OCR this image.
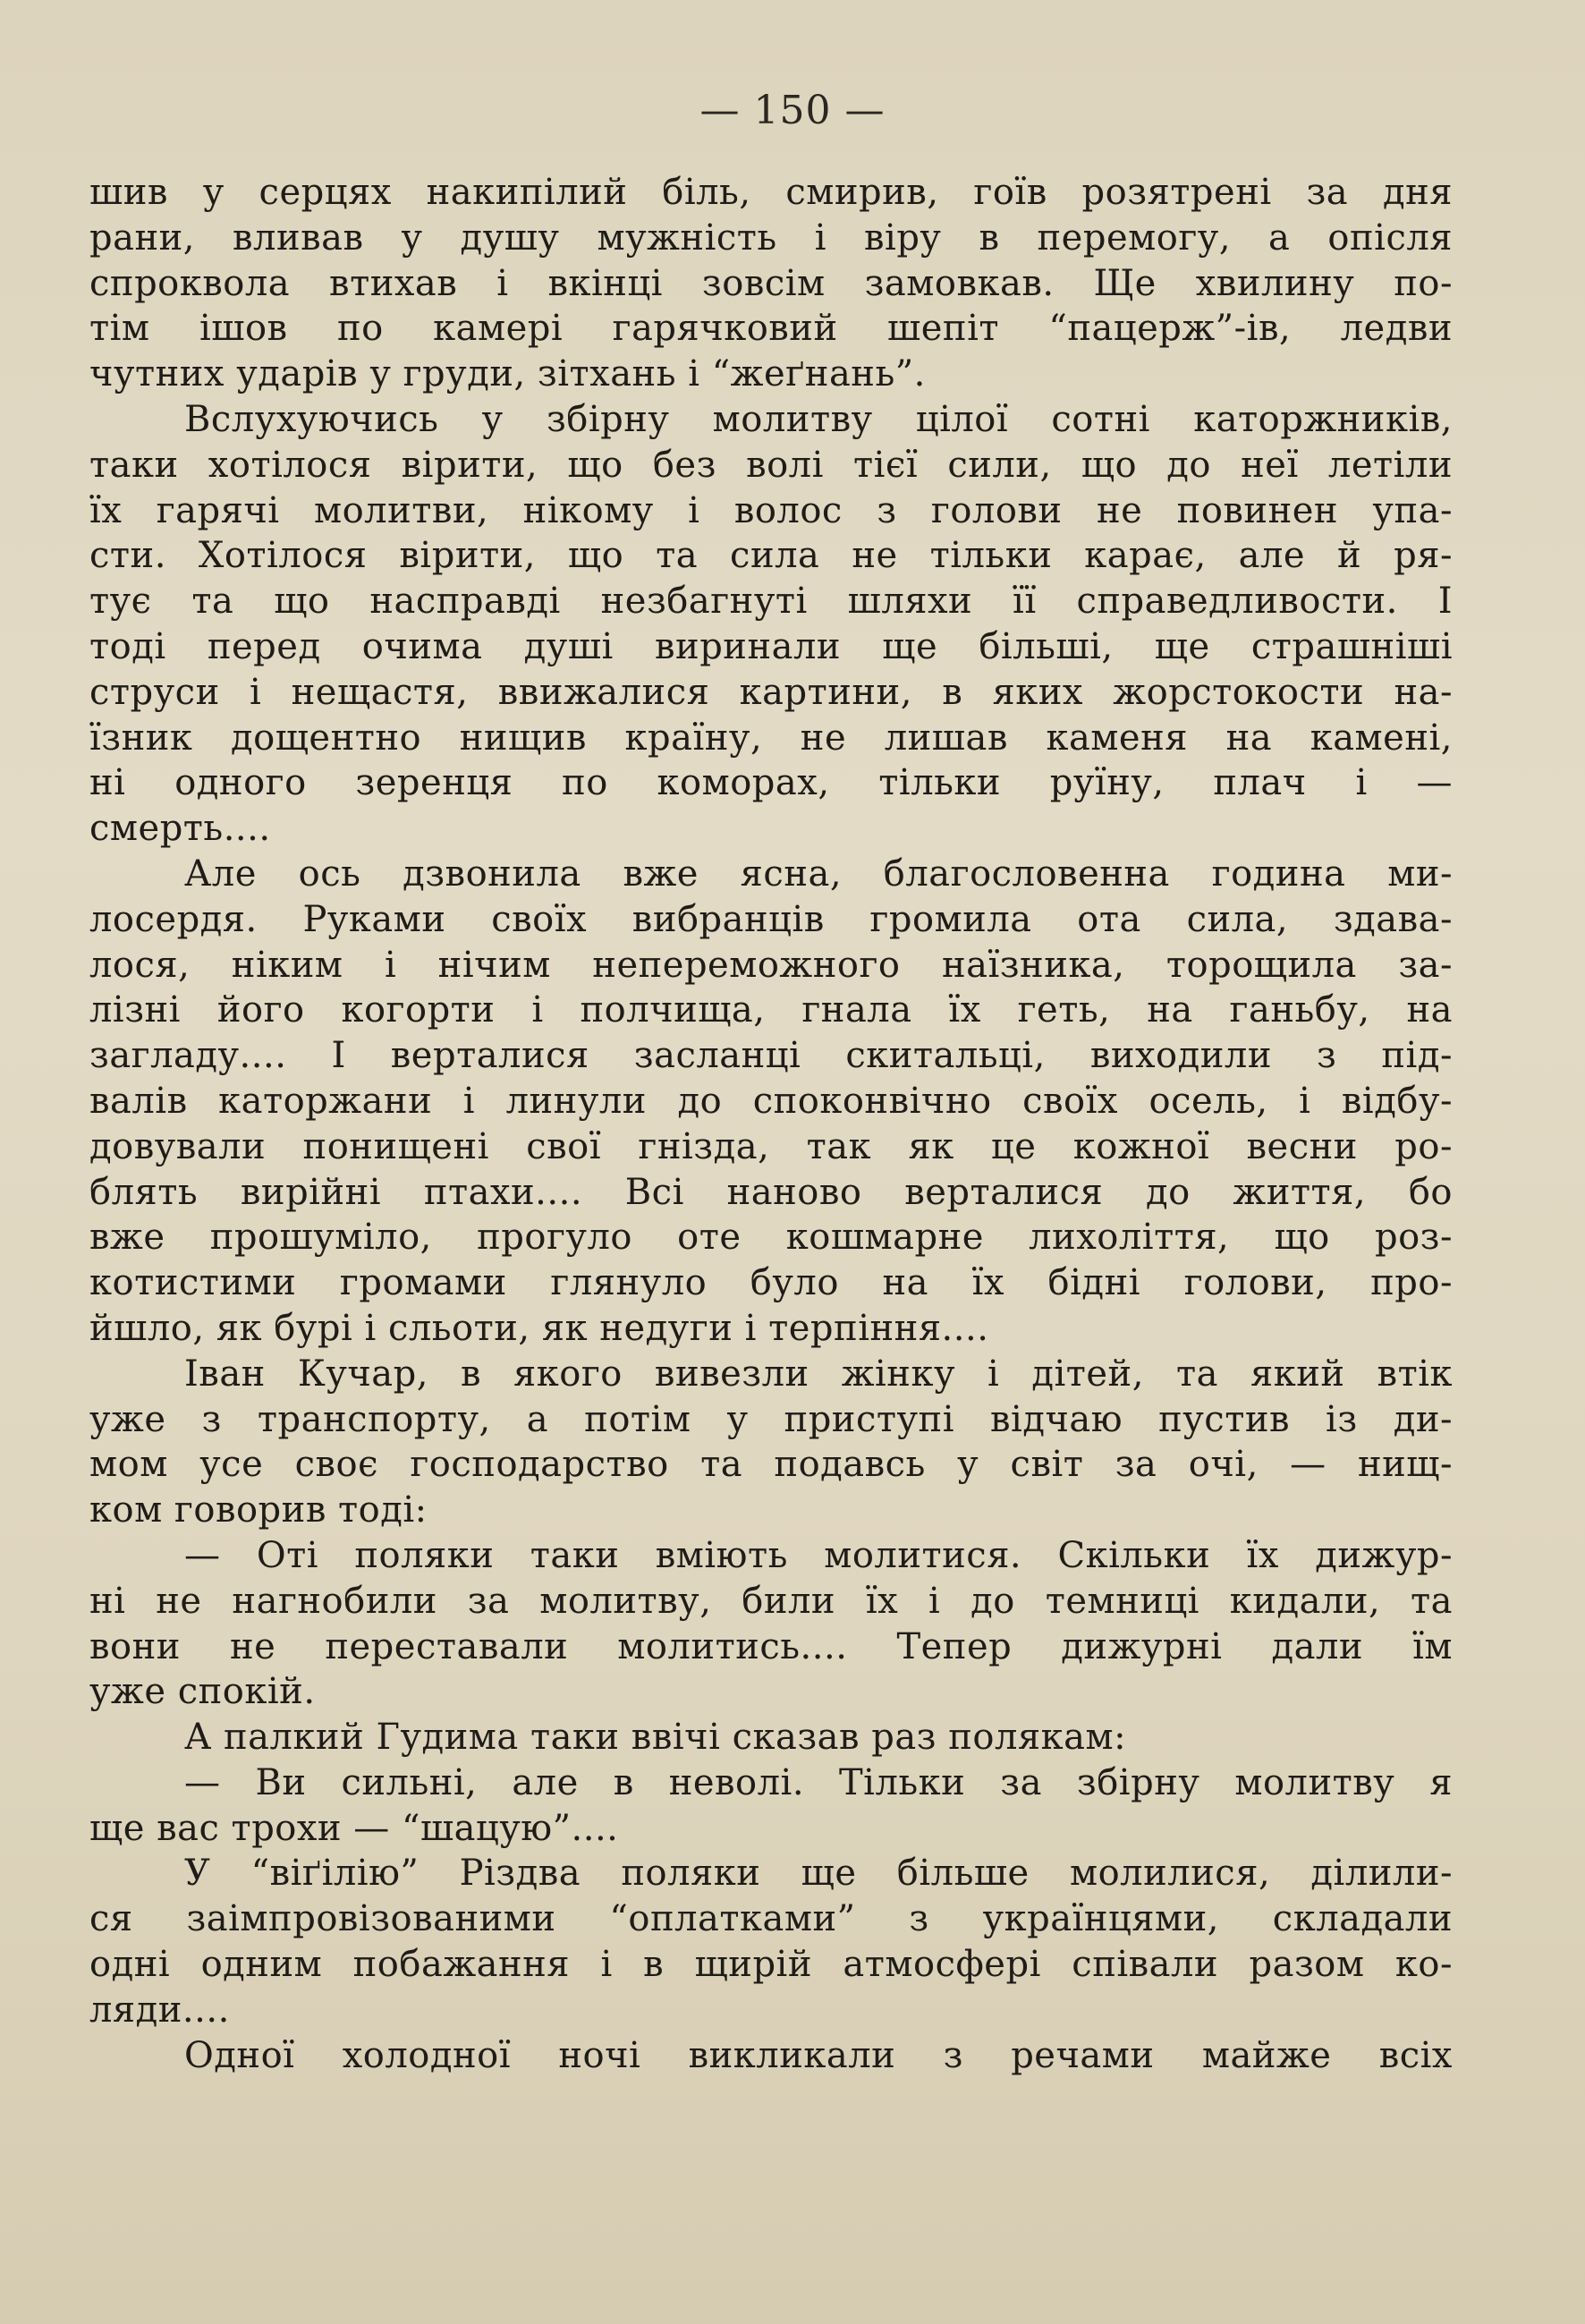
— 150 —

шив у серцях накипілий біль, смирив, гоїв розятрені за дня

рани, вливав у душу мужність і віру в перемогу, а опісля

спроквола втихав і вкінці зовсім замовкав. Ще хвилину по-

тім ішов по камері гарячковий шепіт “пацерж”-ів, ледви

чутних ударів у груди, зітхань і “жеґнань”.

Вслухуючись у збірну молитву цілої сотні каторжників,

таки хотілося вірити, що без волі тієї сили, що до неї летіли

їх гарячі молитви, нікому і волос з голови не повинен упа-

сти. Хотілося вірити, що та сила не тільки карає, але й ря-

тує та що насправді незбагнуті шляхи її справедливости. І

тоді перед очима душі виринали ще більші, ще страшніші

струси і нещастя, ввижалися картини, в яких жорстокости на-

їзник дощентно нищив країну, не лишав каменя на камені,

ні одного зеренця по коморах, тільки руїну, плач і —

смерть....

Але ось дзвонила вже ясна, благословенна година ми-

лосердя. Руками своїх вибранців громила ота сила, здава-

лося, ніким і нічим непереможного наїзника, торощила за-

лізні його когорти і полчища, гнала їх геть, на ганьбу, на

загладу.... І верталися засланці скитальці, виходили з під-

валів каторжани і линули до споконвічно своїх осель, і відбу-

довували понищені свої гнізда, так як це кожної весни ро-

блять вирійні птахи.... Всі наново верталися до життя, бо

вже прошуміло, прогуло оте кошмарне лихоліття, що роз-

котистими громами глянуло було на їх бідні голови, про-

йшло, як бурі і сльоти, як недуги і терпіння....

Іван Кучар, в якого вивезли жінку і дітей, та який втік

уже з транспорту, а потім у приступі відчаю пустив із ди-

мом усе своє господарство та подавсь у світ за очі, — нищ-

ком говорив тоді:

— Оті поляки таки вміють молитися. Скільки їх дижур-

ні не нагнобили за молитву, били їх і до темниці кидали, та

вони не переставали молитись.... Тепер дижурні дали їм

уже спокій.

А палкий Гудима таки ввічі сказав раз полякам:

— Ви сильні, але в неволі. Тільки за збірну молитву я

ще вас трохи — “шацую”....

У “віґілію” Різдва поляки ще більше молилися, ділили-

ся заімпровізованими “оплатками” з українцями, складали

одні одним побажання і в щирій атмосфері співали разом ко-

ляди....

Одної холодної ночі викликали з речами майже всіх
